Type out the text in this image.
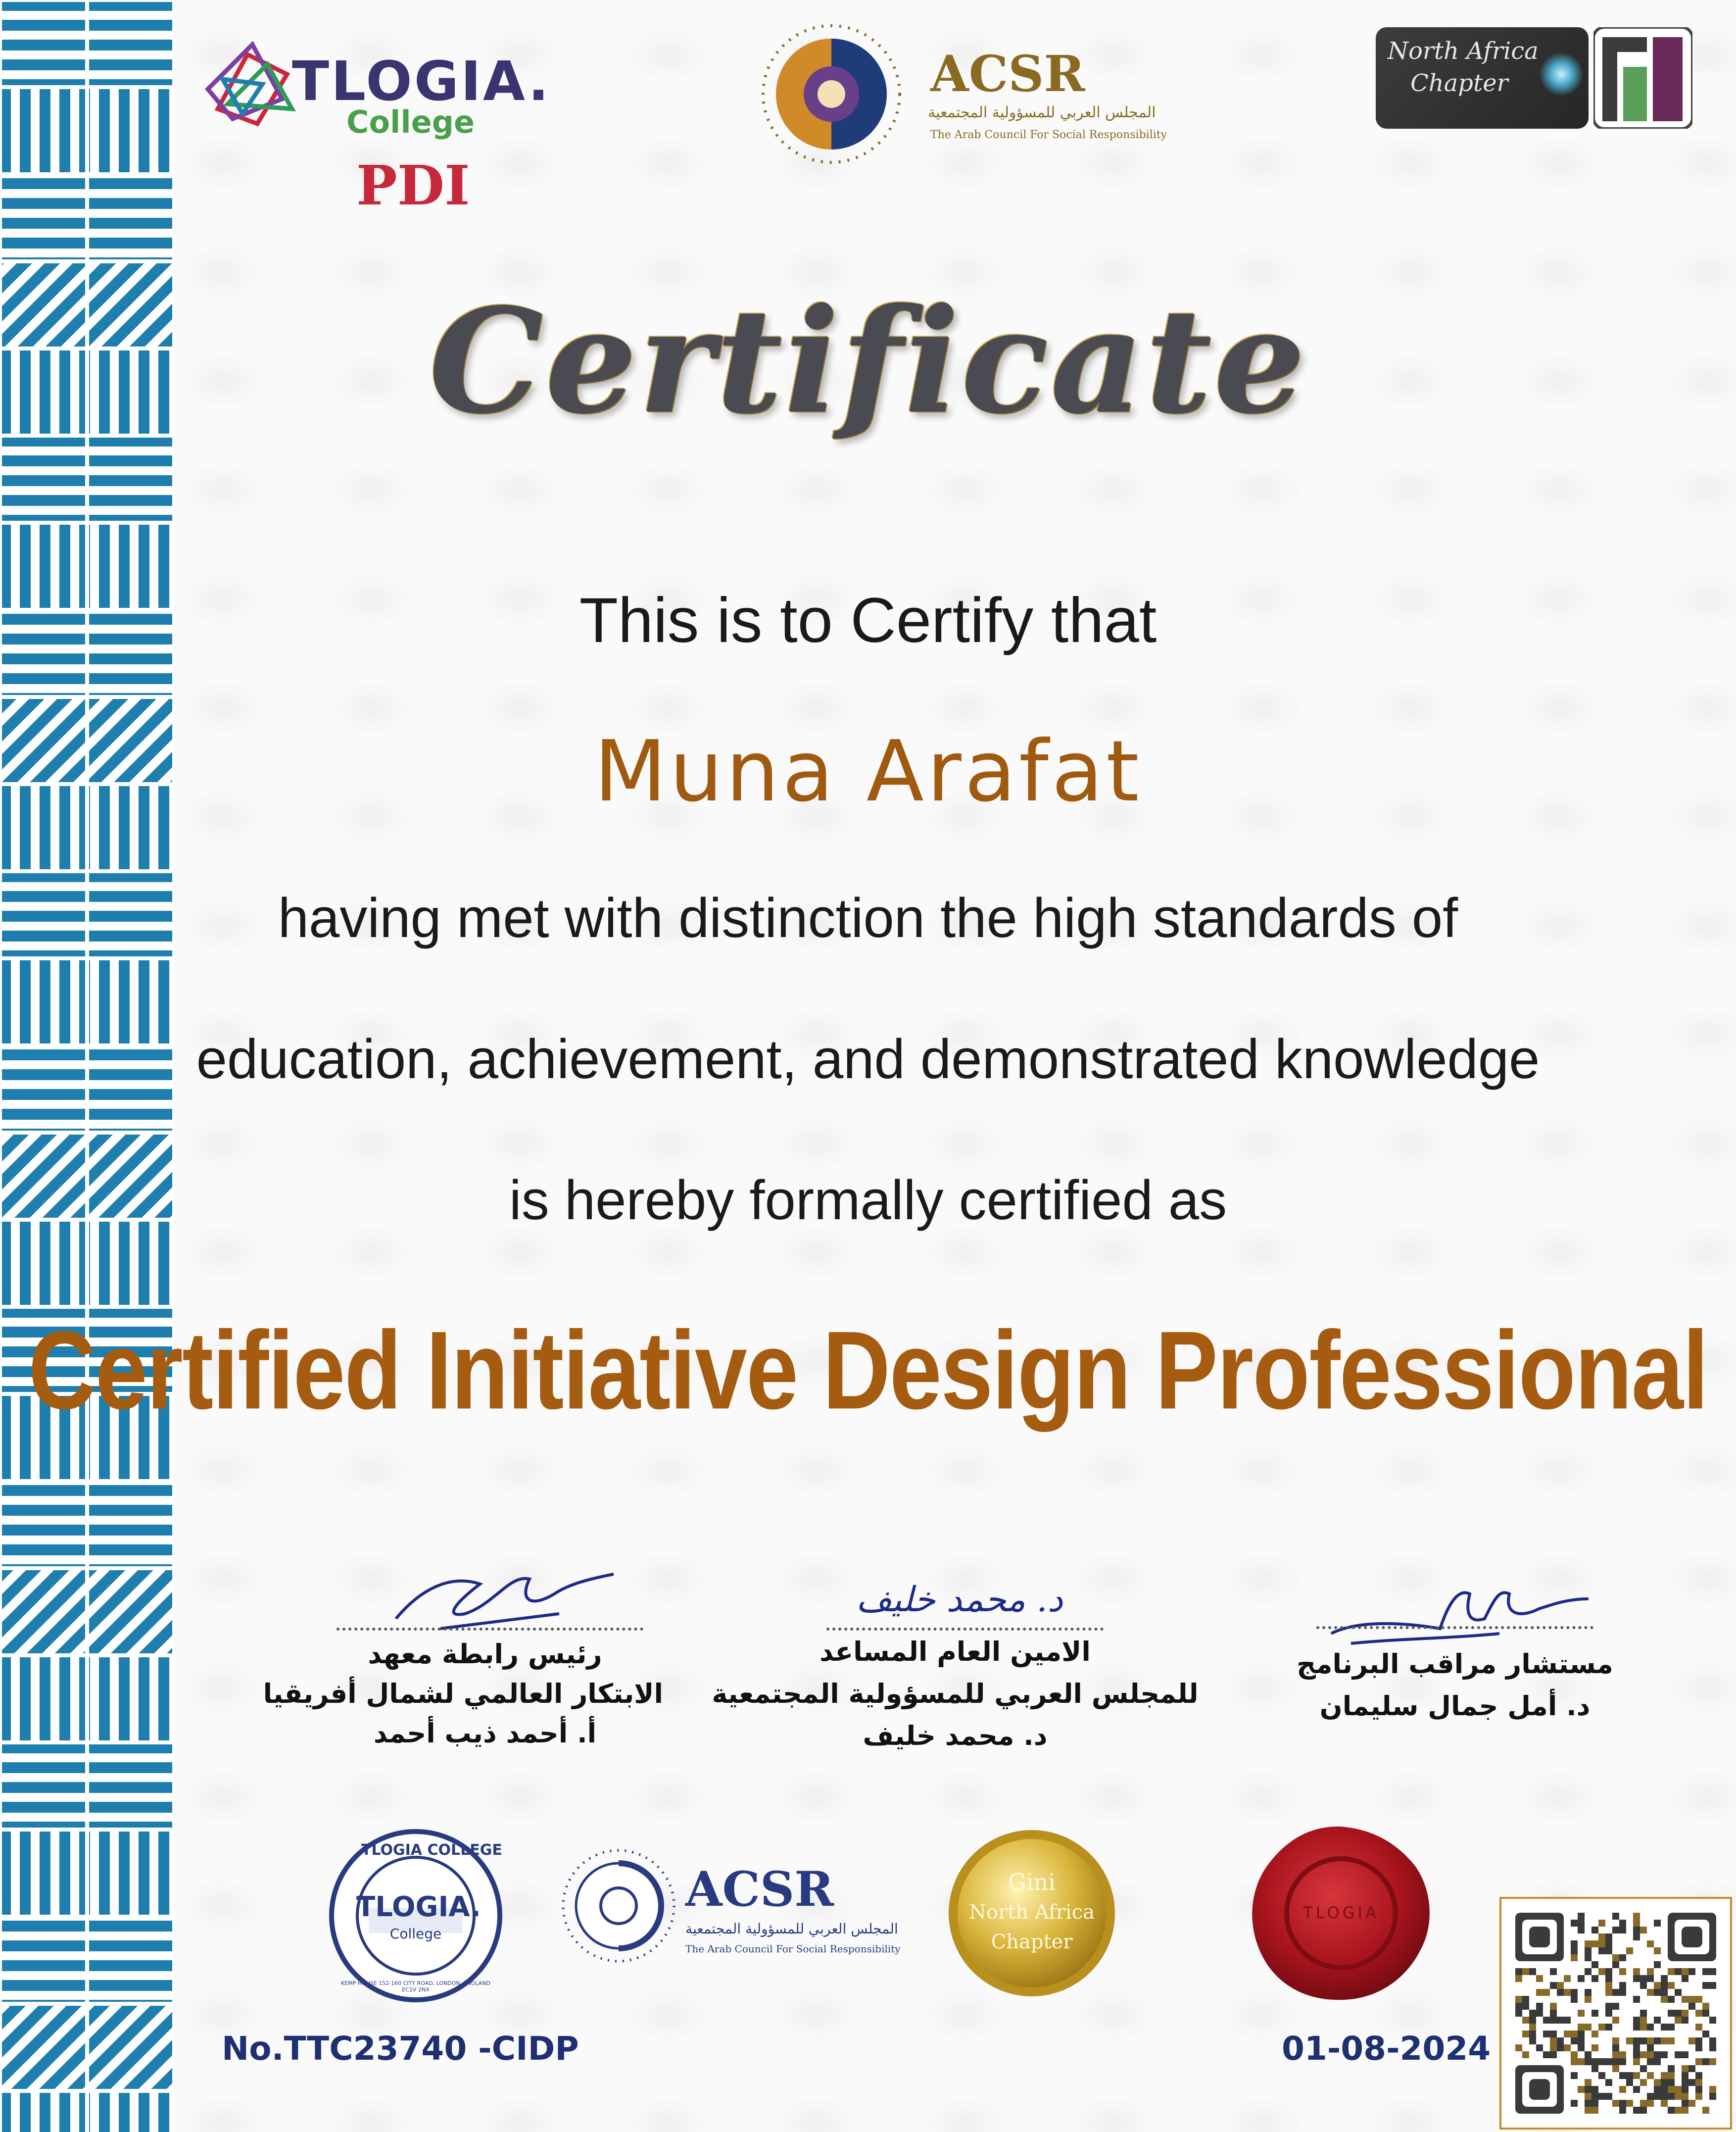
TLOGIA.
College
PDI
ACSR
المجلس العربي للمسؤولية المجتمعية
The Arab Council For Social Responsibility
North Africa
Chapter
Certificate
This is to Certify that
Muna Arafat
having met with distinction the high standards of
education, achievement, and demonstrated knowledge
is hereby formally certified as
Certified Initiative Design Professional
رئيس رابطة معهد
الابتكار العالمي لشمال أفريقيا
أ. أحمد ذيب أحمد
د. محمد خليف
الامين العام المساعد
للمجلس العربي للمسؤولية المجتمعية
د. محمد خليف
مستشار مراقب البرنامج
د. أمل جمال سليمان
TLOGIA COLLEGE
TLOGIA.
College
KEMP HOUSE 152-160 CITY ROAD, LONDON, ENGLAND EC1V 2NX
ACSR
المجلس العربي للمسؤولية المجتمعية
The Arab Council For Social Responsibility
Gini
North Africa
Chapter
TLOGIA
No.TTC23740 -CIDP	01-08-2024
